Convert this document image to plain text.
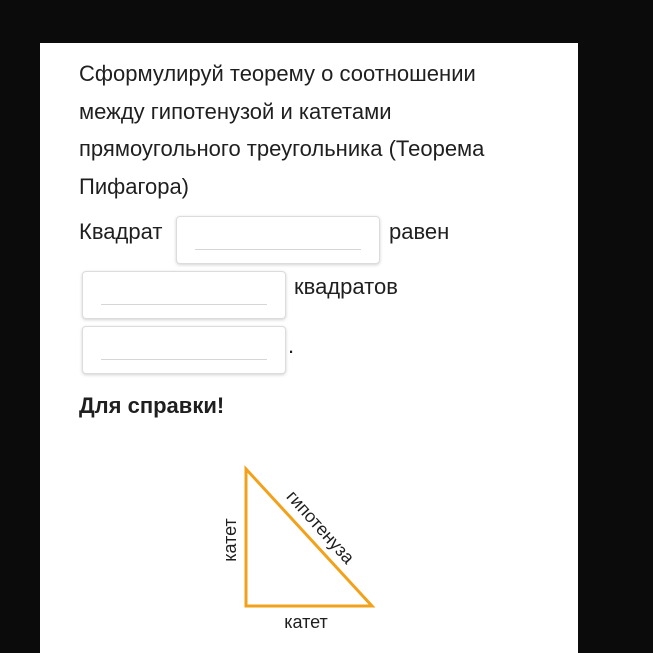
Сформулируй теорему о соотношении между гипотенузой и катетами прямоугольного треугольника (Теорема Пифагора)

Квадрат	равен
квадратов
.

Для справки!

катет
катет
гипотенуза
